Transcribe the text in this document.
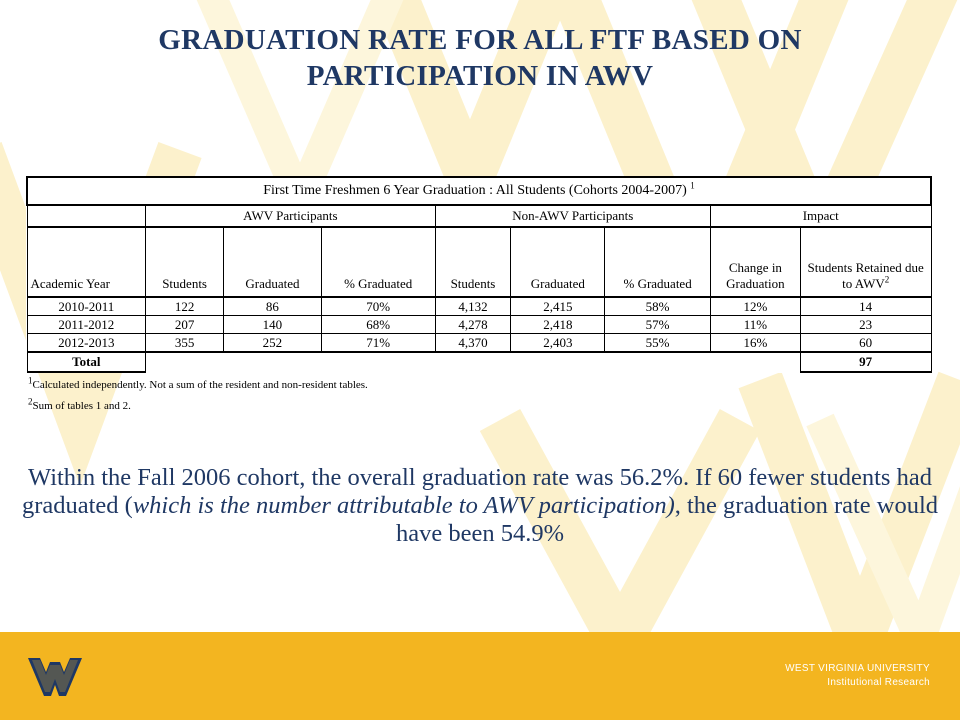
GRADUATION RATE FOR ALL FTF BASED ON
PARTICIPATION IN AWV
First Time Freshmen 6 Year Graduation : All Students (Cohorts 2004-2007) $^1$
	AWV Participants			Non-AWV Participants			Impact	
Academic Year	Students	Graduated	% Graduated	Students	Graduated	% Graduated	Change in Graduation	Students Retained due to AWV$^2$
2010-2011	122	86	70%	4,132	2,415	58%	12%	14
2011-2012	207	140	68%	4,278	2,418	57%	11%	23
2012-2013	355	252	71%	4,370	2,403	55%	16%	60
Total								97
$^1$Calculated independently. Not a sum of the resident and non-resident tables.
$^2$Sum of tables 1 and 2.
Within the Fall 2006 cohort, the overall graduation rate was 56.2%. If 60 fewer students had graduated (which is the number attributable to AWV participation), the graduation rate would have been 54.9%
WEST VIRGINIA UNIVERSITY
Institutional Research
